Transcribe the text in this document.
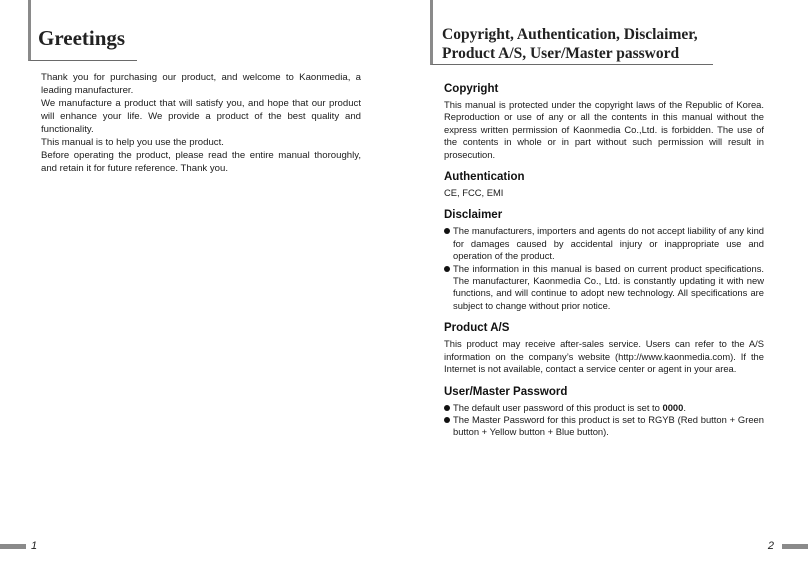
Greetings

Thank you for purchasing our product, and welcome to Kaonmedia, a leading manufacturer.

We manufacture a product that will satisfy you, and hope that our product will enhance your life. We provide a product of the best quality and functionality.

This manual is to help you use the product.

Before operating the product, please read the entire manual thoroughly, and retain it for future reference. Thank you.

1
Copyright, Authentication, Disclaimer,
Product A/S, User/Master password
Copyright

This manual is protected under the copyright laws of the Republic of Korea. Reproduction or use of any or all the contents in this manual without the express written permission of Kaonmedia Co.,Ltd. is forbidden. The use of the contents in whole or in part without such permission will result in prosecution.

Authentication

CE, FCC, EMI

Disclaimer
The manufacturers, importers and agents do not accept liability of any kind for damages caused by accidental injury or inappropriate use and operation of the product.
The information in this manual is based on current product specifications. The manufacturer, Kaonmedia Co., Ltd. is constantly updating it with new functions, and will continue to adopt new technology. All specifications are subject to change without prior notice.
Product A/S

This product may receive after-sales service. Users can refer to the A/S information on the company’s website (http://www.kaonmedia.com). If the Internet is not available, contact a service center or agent in your area.

User/Master Password
The default user password of this product is set to 0000.
The Master Password for this product is set to RGYB (Red button + Green button + Yellow button + Blue button).
2
